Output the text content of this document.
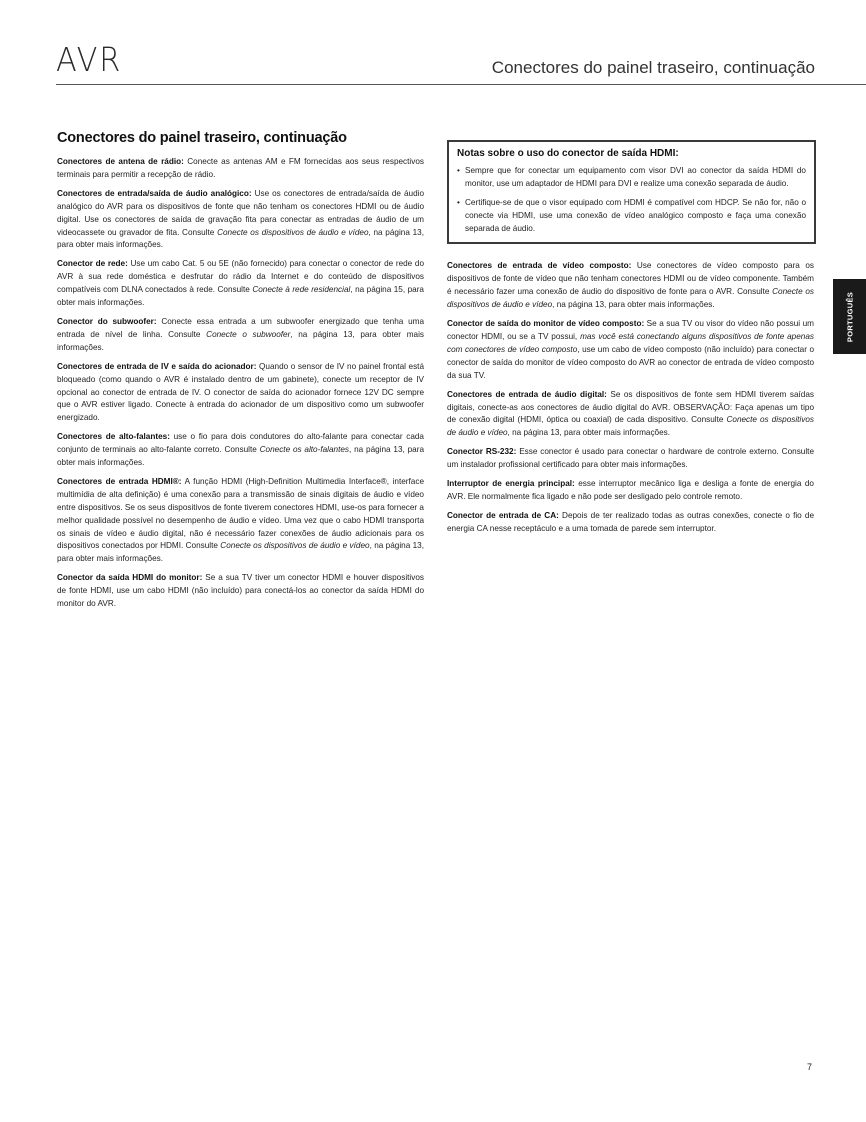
AVR	Conectores do painel traseiro, continuação
PORTUGUÊS
Conectores do painel traseiro, continuação
Conectores de antena de rádio: Conecte as antenas AM e FM fornecidas aos seus respectivos terminais para permitir a recepção de rádio.
Conectores de entrada/saída de áudio analógico: Use os conectores de entrada/saída de áudio analógico do AVR para os dispositivos de fonte que não tenham os conectores HDMI ou de áudio digital. Use os conectores de saída de gravação fita para conectar as entradas de áudio de um videocassete ou gravador de fita. Consulte Conecte os dispositivos de áudio e vídeo, na página 13, para obter mais informações.
Conector de rede: Use um cabo Cat. 5 ou 5E (não fornecido) para conectar o conector de rede do AVR à sua rede doméstica e desfrutar do rádio da Internet e do conteúdo de dispositivos compatíveis com DLNA conectados à rede. Consulte Conecte à rede residencial, na página 15, para obter mais informações.
Conector do subwoofer: Conecte essa entrada a um subwoofer energizado que tenha uma entrada de nível de linha. Consulte Conecte o subwoofer, na página 13, para obter mais informações.
Conectores de entrada de IV e saída do acionador: Quando o sensor de IV no painel frontal está bloqueado (como quando o AVR é instalado dentro de um gabinete), conecte um receptor de IV opcional ao conector de entrada de IV. O conector de saída do acionador fornece 12V DC sempre que o AVR estiver ligado. Conecte à entrada do acionador de um dispositivo como um subwoofer energizado.
Conectores de alto-falantes: use o fio para dois condutores do alto-falante para conectar cada conjunto de terminais ao alto-falante correto. Consulte Conecte os alto-falantes, na página 13, para obter mais informações.
Conectores de entrada HDMI®: A função HDMI (High-Definition Multimedia Interface®, interface multimídia de alta definição) é uma conexão para a transmissão de sinais digitais de áudio e vídeo entre dispositivos. Se os seus dispositivos de fonte tiverem conectores HDMI, use-os para fornecer a melhor qualidade possível no desempenho de áudio e vídeo. Uma vez que o cabo HDMI transporta os sinais de vídeo e áudio digital, não é necessário fazer conexões de áudio adicionais para os dispositivos conectados por HDMI. Consulte Conecte os dispositivos de áudio e vídeo, na página 13, para obter mais informações.
Conector da saída HDMI do monitor: Se a sua TV tiver um conector HDMI e houver dispositivos de fonte HDMI, use um cabo HDMI (não incluído) para conectá-los ao conector da saída HDMI do monitor do AVR.
Notas sobre o uso do conector de saída HDMI:
• Sempre que for conectar um equipamento com visor DVI ao conector da saída HDMI do monitor, use um adaptador de HDMI para DVI e realize uma conexão separada de áudio.
• Certifique-se de que o visor equipado com HDMI é compatível com HDCP. Se não for, não o conecte via HDMI, use uma conexão de vídeo analógico composto e faça uma conexão separada de áudio.
Conectores de entrada de vídeo composto: Use conectores de vídeo composto para os dispositivos de fonte de vídeo que não tenham conectores HDMI ou de vídeo componente. Também é necessário fazer uma conexão de áudio do dispositivo de fonte para o AVR. Consulte Conecte os dispositivos de áudio e vídeo, na página 13, para obter mais informações.
Conector de saída do monitor de vídeo composto: Se a sua TV ou visor do vídeo não possui um conector HDMI, ou se a TV possui, mas você está conectando alguns dispositivos de fonte apenas com conectores de vídeo composto, use um cabo de vídeo composto (não incluído) para conectar o conector de saída do monitor de vídeo composto do AVR ao conector de entrada de vídeo composto da sua TV.
Conectores de entrada de áudio digital: Se os dispositivos de fonte sem HDMI tiverem saídas digitais, conecte-as aos conectores de áudio digital do AVR. OBSERVAÇÃO: Faça apenas um tipo de conexão digital (HDMI, óptica ou coaxial) de cada dispositivo. Consulte Conecte os dispositivos de áudio e vídeo, na página 13, para obter mais informações.
Conector RS-232: Esse conector é usado para conectar o hardware de controle externo. Consulte um instalador profissional certificado para obter mais informações.
Interruptor de energia principal: esse interruptor mecânico liga e desliga a fonte de energia do AVR. Ele normalmente fica ligado e não pode ser desligado pelo controle remoto.
Conector de entrada de CA: Depois de ter realizado todas as outras conexões, conecte o fio de energia CA nesse receptáculo e a uma tomada de parede sem interruptor.
7
